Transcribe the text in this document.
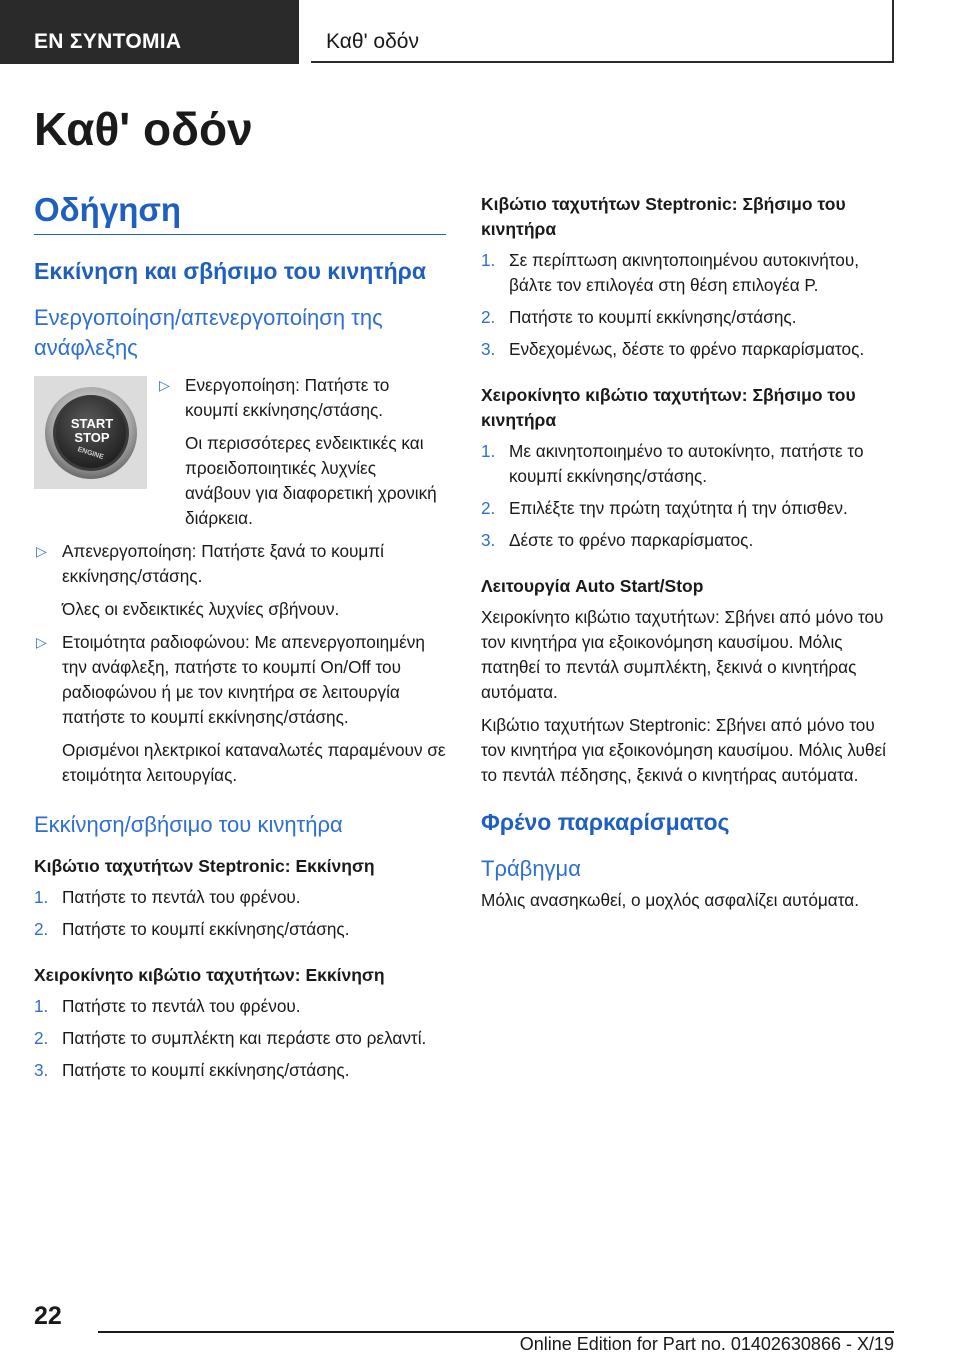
ΕΝ ΣΥΝΤΟΜΙΑ	Καθ' οδόν
Καθ' οδόν
Οδήγηση
Εκκίνηση και σβήσιμο του κινητήρα
Ενεργοποίηση/απενεργοποίηση της ανάφλεξης
START
STOP
ENGINE
▷ Ενεργοποίηση: Πατήστε το κουμπί εκκίνησης/στάσης.

Οι περισσότερες ενδεικτικές και προειδοποιητικές λυχνίες ανάβουν για διαφορετική χρονική διάρκεια.

▷ Απενεργοποίηση: Πατήστε ξανά το κουμπί εκκίνησης/στάσης.

Όλες οι ενδεικτικές λυχνίες σβήνουν.

▷ Ετοιμότητα ραδιοφώνου: Με απενεργοποιημένη την ανάφλεξη, πατήστε το κουμπί On/Off του ραδιοφώνου ή με τον κινητήρα σε λειτουργία πατήστε το κουμπί εκκίνησης/στάσης.

Ορισμένοι ηλεκτρικοί καταναλωτές παραμένουν σε ετοιμότητα λειτουργίας.

Εκκίνηση/σβήσιμο του κινητήρα
Κιβώτιο ταχυτήτων Steptronic: Εκκίνηση
1. Πατήστε το πεντάλ του φρένου.
2. Πατήστε το κουμπί εκκίνησης/στάσης.
Χειροκίνητο κιβώτιο ταχυτήτων: Εκκίνηση
1. Πατήστε το πεντάλ του φρένου.
2. Πατήστε το συμπλέκτη και περάστε στο ρελαντί.
3. Πατήστε το κουμπί εκκίνησης/στάσης.
Κιβώτιο ταχυτήτων Steptronic: Σβήσιμο του κινητήρα
1. Σε περίπτωση ακινητοποιημένου αυτοκινήτου, βάλτε τον επιλογέα στη θέση επιλογέα P.
2. Πατήστε το κουμπί εκκίνησης/στάσης.
3. Ενδεχομένως, δέστε το φρένο παρκαρίσματος.
Χειροκίνητο κιβώτιο ταχυτήτων: Σβήσιμο του κινητήρα
1. Με ακινητοποιημένο το αυτοκίνητο, πατήστε το κουμπί εκκίνησης/στάσης.
2. Επιλέξτε την πρώτη ταχύτητα ή την όπισθεν.
3. Δέστε το φρένο παρκαρίσματος.
Λειτουργία Auto Start/Stop

Χειροκίνητο κιβώτιο ταχυτήτων: Σβήνει από μόνο του τον κινητήρα για εξοικονόμηση καυσίμου. Μόλις πατηθεί το πεντάλ συμπλέκτη, ξεκινά ο κινητήρας αυτόματα.

Κιβώτιο ταχυτήτων Steptronic: Σβήνει από μόνο του τον κινητήρα για εξοικονόμηση καυσίμου. Μόλις λυθεί το πεντάλ πέδησης, ξεκινά ο κινητήρας αυτόματα.

Φρένο παρκαρίσματος
Τράβηγμα

Μόλις ανασηκωθεί, ο μοχλός ασφαλίζει αυτόματα.

22
Online Edition for Part no. 01402630866 - X/19
